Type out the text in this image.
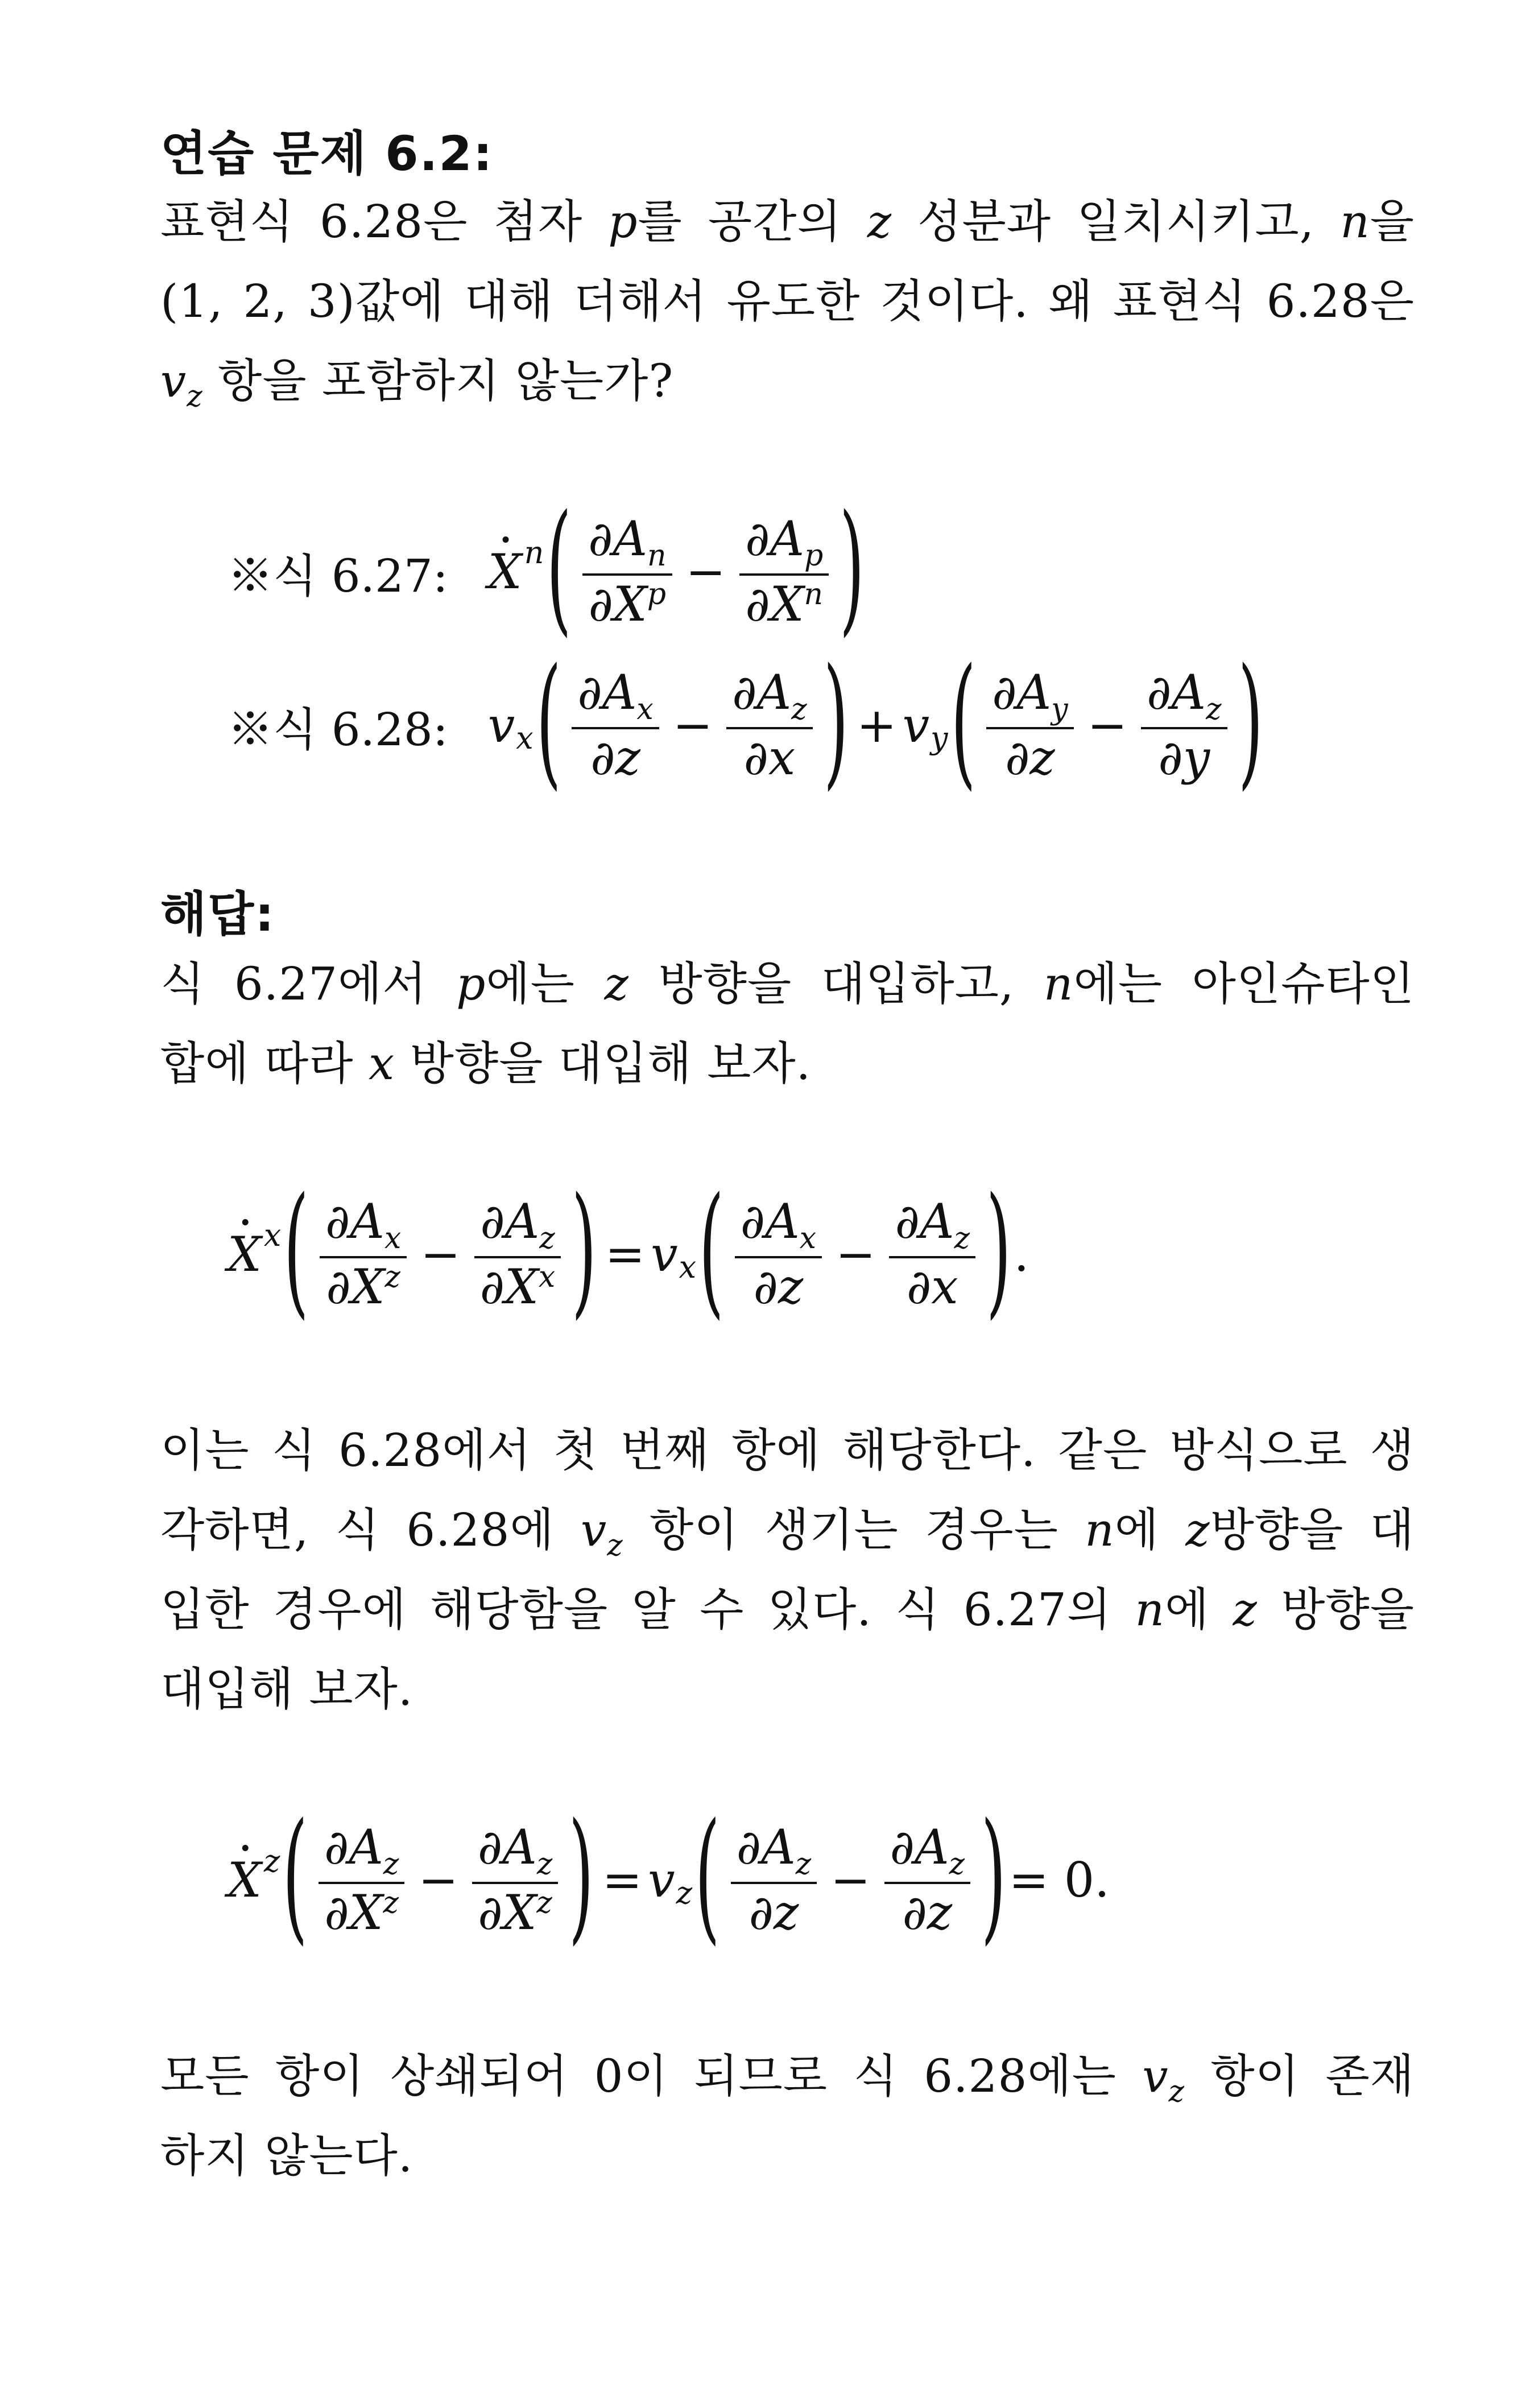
연습 문제 6.2:
표현식 6.28은 첨자 p를 공간의 z 성분과 일치시키고, n을
(1, 2, 3)값에 대해 더해서 유도한 것이다. 왜 표현식 6.28은
$v_z$ 항을 포함하지 않는가?
※식 6.27:
· X n ( $\frac{\partial A_n}{\partial X^p} - \frac{\partial A_p}{\partial X^n}$ )
※식 6.28: v x ( $\frac{\partial A_x}{\partial z} - \frac{\partial A_z}{\partial x}$ ) + v y ( $\frac{\partial A_y}{\partial z} - \frac{\partial A_z}{\partial y}$ )
해답:
식 6.27에서 p에는 z 방향을 대입하고, n에는 아인슈타인
합에 따라 x 방향을 대입해 보자.
· X x ( $\frac{\partial A_x}{\partial X^z} - \frac{\partial A_z}{\partial X^x}$ ) = v x ( $\frac{\partial A_x}{\partial z} - \frac{\partial A_z}{\partial x}$ ) .
이는 식 6.28에서 첫 번째 항에 해당한다. 같은 방식으로 생
각하면, 식 6.28에 $v_z$ 항이 생기는 경우는 n에 z방향을 대
입한 경우에 해당함을 알 수 있다. 식 6.27의 n에 z 방향을
대입해 보자.
· X z ( $\frac{\partial A_z}{\partial X^z} - \frac{\partial A_z}{\partial X^z}$ ) = v z ( $\frac{\partial A_z}{\partial z} - \frac{\partial A_z}{\partial z}$ ) = 0.
모든 항이 상쇄되어 0이 되므로 식 6.28에는 $v_z$ 항이 존재
하지 않는다.
